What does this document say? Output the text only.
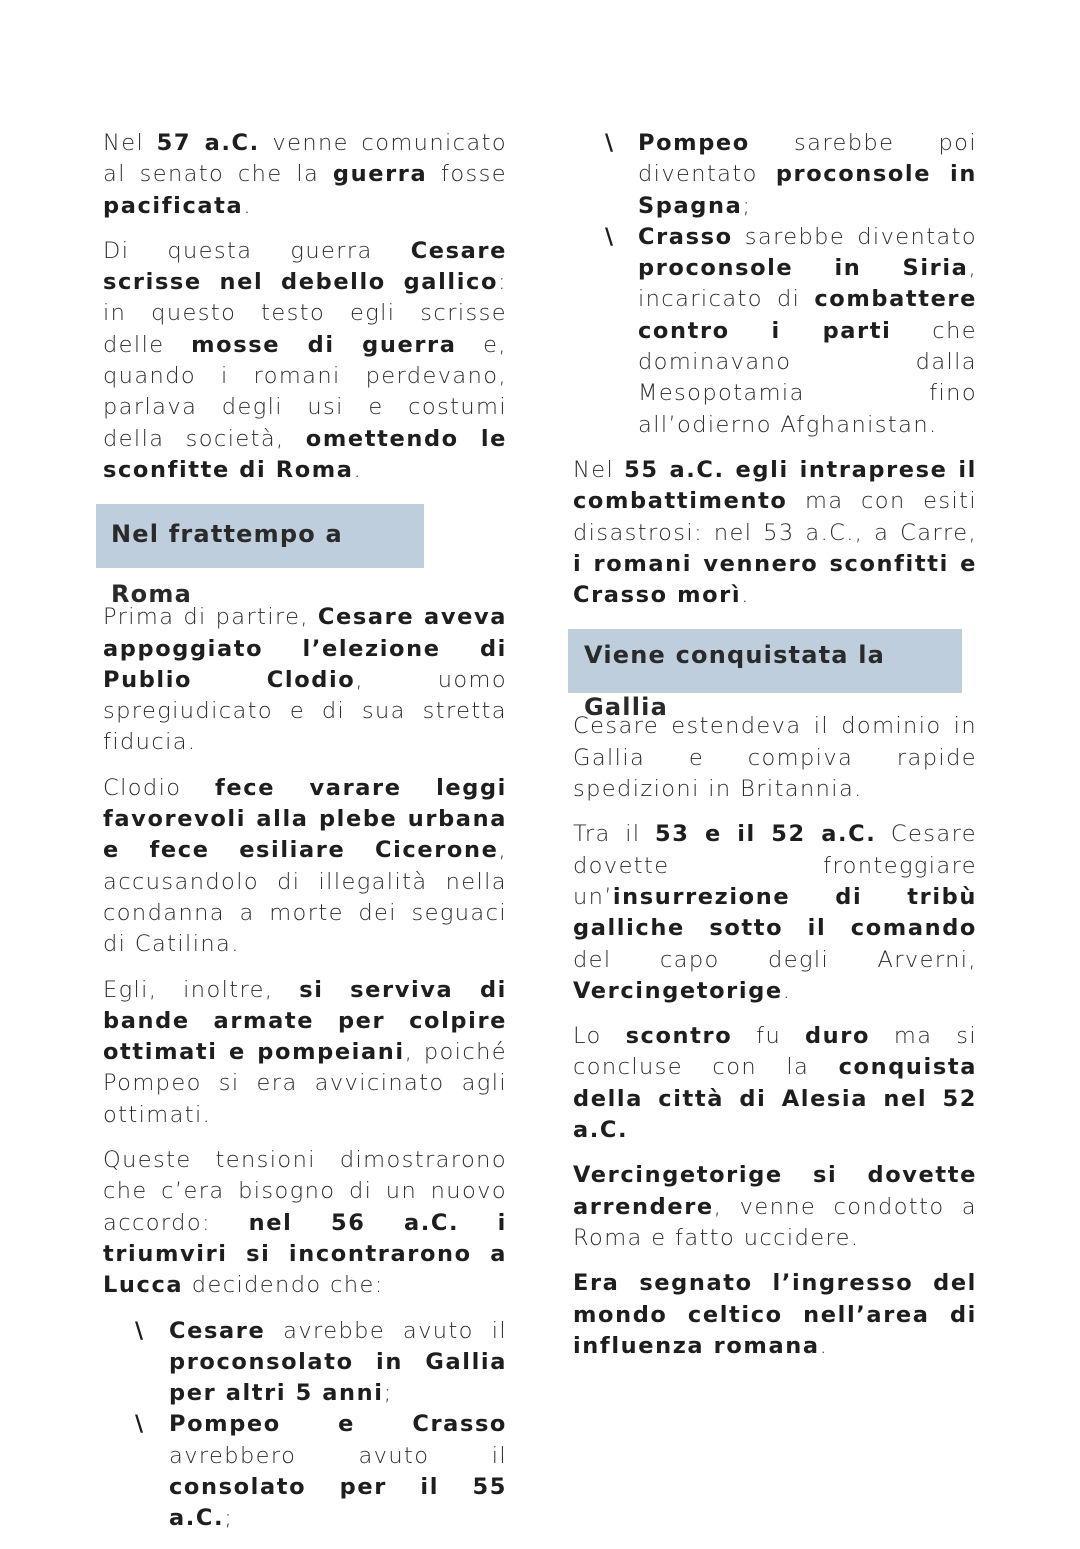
Nel 57 a.C. venne comunicato al senato che la guerra fosse pacificata.

Di questa guerra Cesare scrisse nel debello gallico: in questo testo egli scrisse delle mosse di guerra e, quando i romani perdevano, parlava degli usi e costumi della società, omettendo le sconfitte di Roma.

Nel frattempo a Roma

Prima di partire, Cesare aveva appoggiato l’elezione di Publio Clodio, uomo spregiudicato e di sua stretta fiducia.

Clodio fece varare leggi favorevoli alla plebe urbana e fece esiliare Cicerone, accusandolo di illegalità nella condanna a morte dei seguaci di Catilina.

Egli, inoltre, si serviva di bande armate per colpire ottimati e pompeiani, poiché Pompeo si era avvicinato agli ottimati.

Queste tensioni dimostrarono che c’era bisogno di un nuovo accordo: nel 56 a.C. i triumviri si incontrarono a Lucca decidendo che:

\ Cesare avrebbe avuto il proconsolato in Gallia per altri 5 anni;

\ Pompeo e Crasso avrebbero avuto il consolato per il 55 a.C.;

\ Pompeo sarebbe poi diventato proconsole in Spagna;

\ Crasso sarebbe diventato proconsole in Siria, incaricato di combattere contro i parti che dominavano dalla Mesopotamia fino all’odierno Afghanistan.

Nel 55 a.C. egli intraprese il combattimento ma con esiti disastrosi: nel 53 a.C., a Carre, i romani vennero sconfitti e Crasso morì.

Viene conquistata la Gallia

Cesare estendeva il dominio in Gallia e compiva rapide spedizioni in Britannia.

Tra il 53 e il 52 a.C. Cesare dovette fronteggiare un’insurrezione di tribù galliche sotto il comando del capo degli Arverni, Vercingetorige.

Lo scontro fu duro ma si concluse con la conquista della città di Alesia nel 52 a.C.

Vercingetorige si dovette arrendere, venne condotto a Roma e fatto uccidere.

Era segnato l’ingresso del mondo celtico nell’area di influenza romana.
